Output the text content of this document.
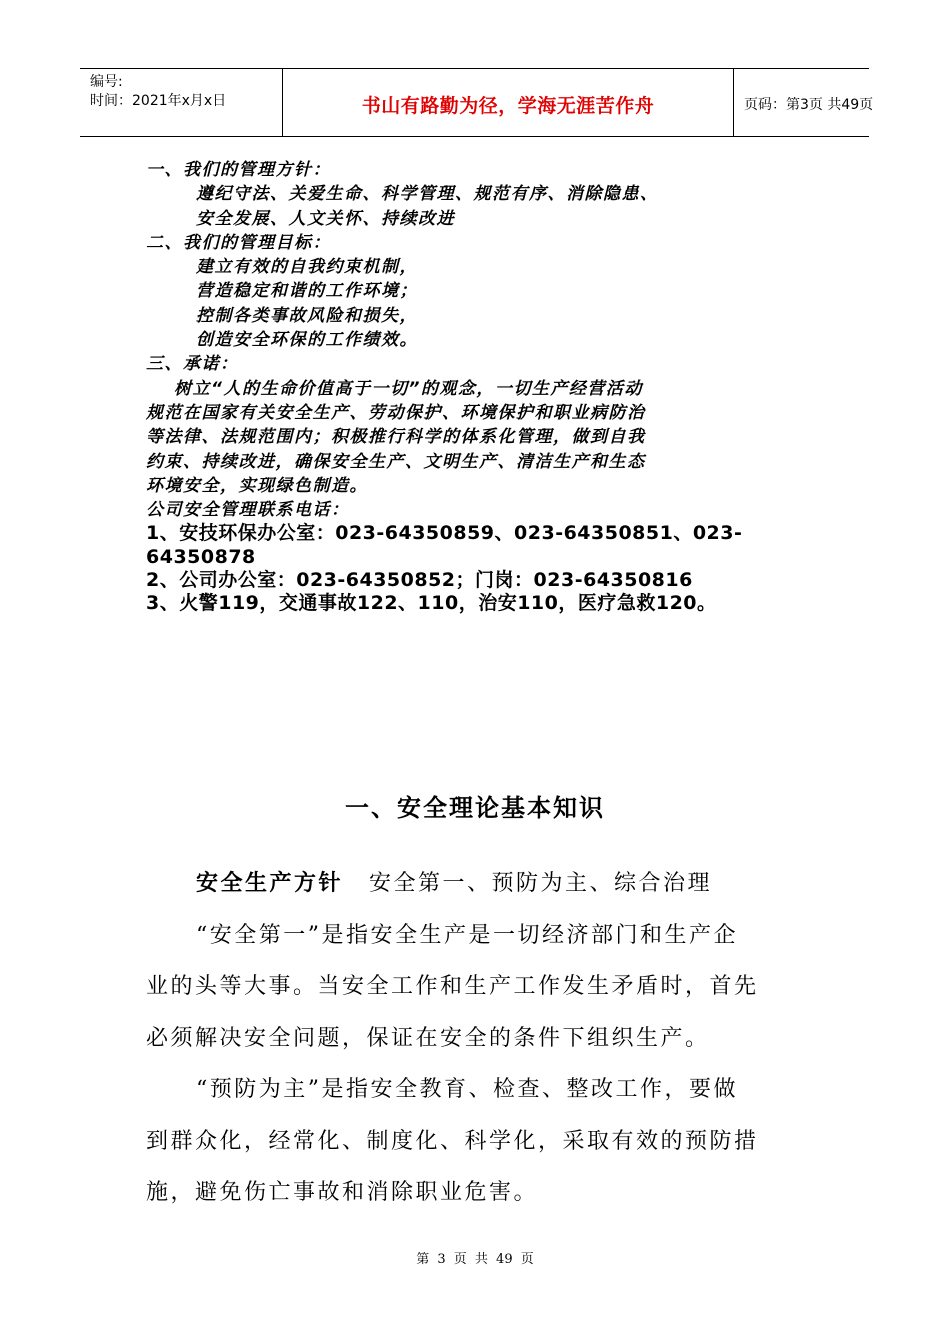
编号:
时间：2021年x月x日	书山有路勤为径，学海无涯苦作舟	页码：第3页 共49页
一、我们的管理方针：
遵纪守法、关爱生命、科学管理、规范有序、消除隐患、
安全发展、人文关怀、持续改进
二、我们的管理目标：
建立有效的自我约束机制，
营造稳定和谐的工作环境；
控制各类事故风险和损失，
创造安全环保的工作绩效。
三、承诺：
树立“人的生命价值高于一切”的观念，一切生产经营活动
规范在国家有关安全生产、劳动保护、环境保护和职业病防治
等法律、法规范围内；积极推行科学的体系化管理，做到自我
约束、持续改进，确保安全生产、文明生产、清洁生产和生态
环境安全，实现绿色制造。
公司安全管理联系电话：
1、安技环保办公室：023-64350859、023-64350851、023-
64350878
2、公司办公室：023-64350852；门岗：023-64350816
3、火警119，交通事故122、110，治安110，医疗急救120。
一、安全理论基本知识

安全生产方针 安全第一、预防为主、综合治理

“安全第一”是指安全生产是一切经济部门和生产企

业的头等大事。当安全工作和生产工作发生矛盾时，首先

必须解决安全问题，保证在安全的条件下组织生产。

“预防为主”是指安全教育、检查、整改工作，要做

到群众化，经常化、制度化、科学化，采取有效的预防措

施，避免伤亡事故和消除职业危害。

第 3 页 共 49 页
